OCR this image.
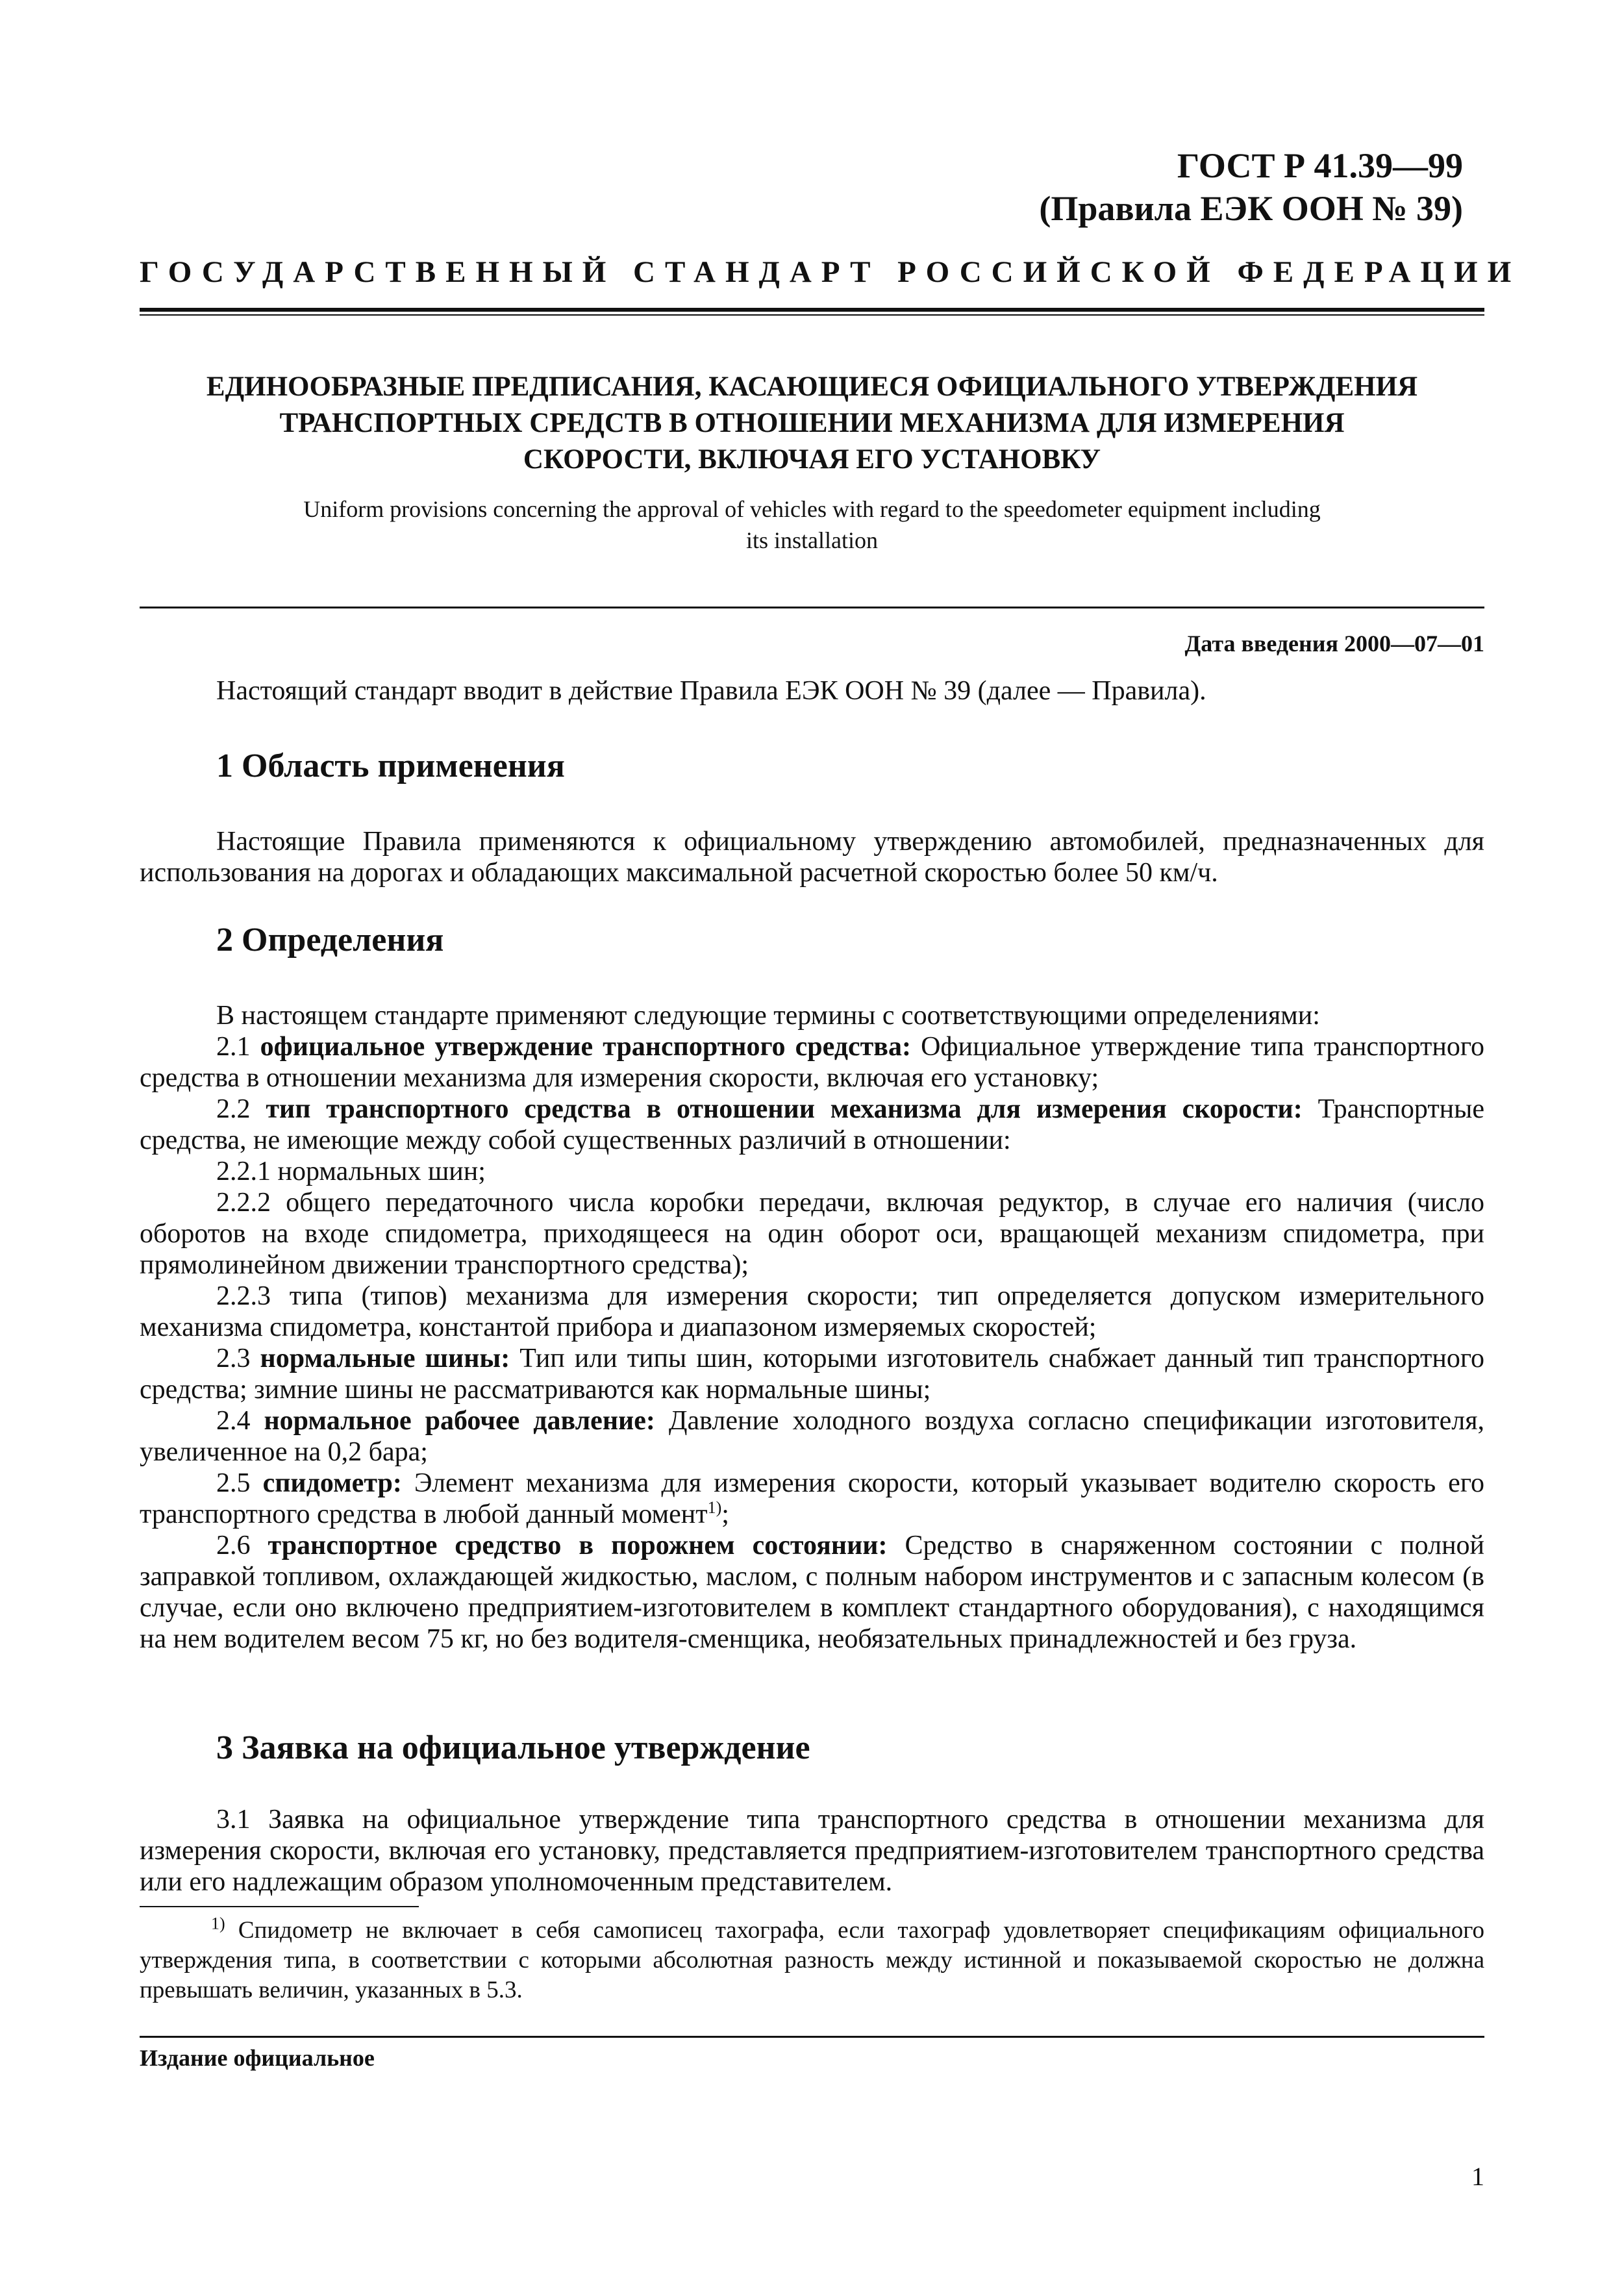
ГОСТ Р 41.39—99
(Правила ЕЭК ООН № 39)
ГОСУДАРСТВЕННЫЙ СТАНДАРТ РОССИЙСКОЙ ФЕДЕРАЦИИ
ЕДИНООБРАЗНЫЕ ПРЕДПИСАНИЯ, КАСАЮЩИЕСЯ ОФИЦИАЛЬНОГО УТВЕРЖДЕНИЯ
ТРАНСПОРТНЫХ СРЕДСТВ В ОТНОШЕНИИ МЕХАНИЗМА ДЛЯ ИЗМЕРЕНИЯ
СКОРОСТИ, ВКЛЮЧАЯ ЕГО УСТАНОВКУ
Uniform provisions concerning the approval of vehicles with regard to the speedometer equipment including
its installation
Дата введения 2000—07—01

Настоящий стандарт вводит в действие Правила ЕЭК ООН № 39 (далее — Правила).

1 Область применения

Настоящие Правила применяются к официальному утверждению автомобилей, предназначенных для использования на дорогах и обладающих максимальной расчетной скоростью более 50 км/ч.

2 Определения

В настоящем стандарте применяют следующие термины с соответствующими определениями:

2.1 официальное утверждение транспортного средства: Официальное утверждение типа транспортного средства в отношении механизма для измерения скорости, включая его установку;

2.2 тип транспортного средства в отношении механизма для измерения скорости: Транспортные средства, не имеющие между собой существенных различий в отношении:

2.2.1 нормальных шин;

2.2.2 общего передаточного числа коробки передачи, включая редуктор, в случае его наличия (число оборотов на входе спидометра, приходящееся на один оборот оси, вращающей механизм спидометра, при прямолинейном движении транспортного средства);

2.2.3 типа (типов) механизма для измерения скорости; тип определяется допуском измерительного механизма спидометра, константой прибора и диапазоном измеряемых скоростей;

2.3 нормальные шины: Тип или типы шин, которыми изготовитель снабжает данный тип транспортного средства; зимние шины не рассматриваются как нормальные шины;

2.4 нормальное рабочее давление: Давление холодного воздуха согласно спецификации изготовителя, увеличенное на 0,2 бара;

2.5 спидометр: Элемент механизма для измерения скорости, который указывает водителю скорость его транспортного средства в любой данный момент$^{1)}$;

2.6 транспортное средство в порожнем состоянии: Средство в снаряженном состоянии с полной заправкой топливом, охлаждающей жидкостью, маслом, с полным набором инструментов и с запасным колесом (в случае, если оно включено предприятием-изготовителем в комплект стандартного оборудования), с находящимся на нем водителем весом 75 кг, но без водителя-сменщика, необязательных принадлежностей и без груза.

3 Заявка на официальное утверждение

3.1 Заявка на официальное утверждение типа транспортного средства в отношении механизма для измерения скорости, включая его установку, представляется предприятием-изготовителем транспортного средства или его надлежащим образом уполномоченным представителем.

$^{1)}$ Спидометр не включает в себя самописец тахографа, если тахограф удовлетворяет спецификациям официального утверждения типа, в соответствии с которыми абсолютная разность между истинной и показываемой скоростью не должна превышать величин, указанных в 5.3.

Издание официальное
1
